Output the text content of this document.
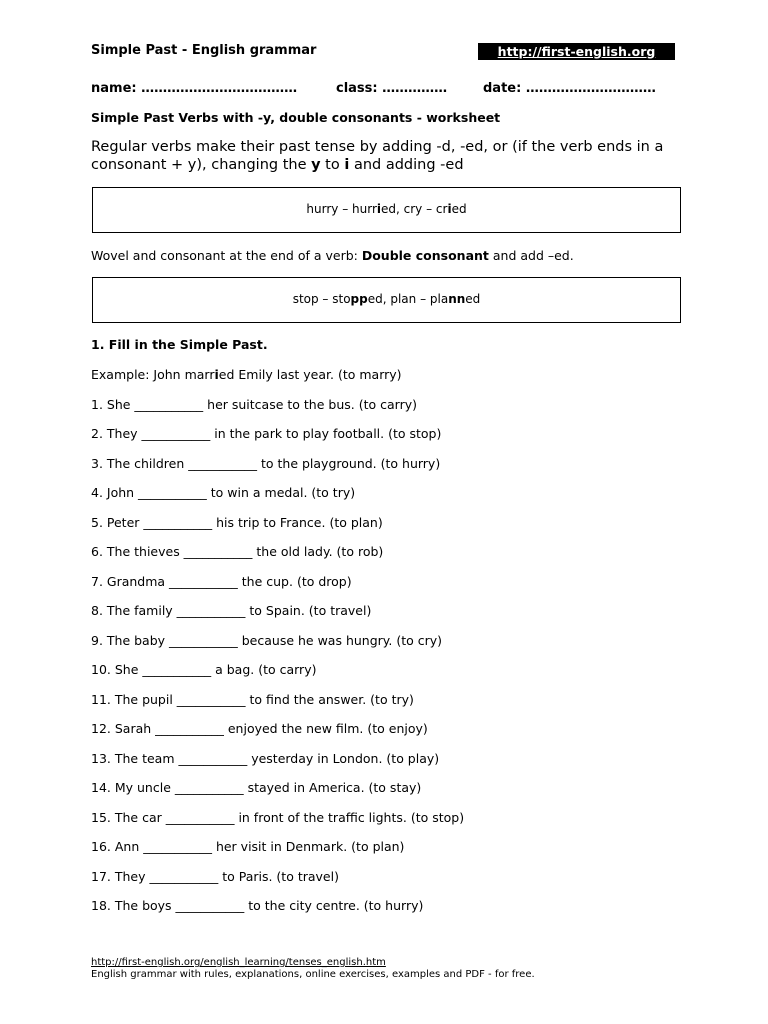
Simple Past - English grammar	http://first-english.org
name: ………………………………	class: ……………	date: …………………………
Simple Past Verbs with -y, double consonants - worksheet
Regular verbs make their past tense by adding -d, -ed, or (if the verb ends in a consonant + y), changing the y to i and adding -ed
hurry – hurried, cry – cried
Wovel and consonant at the end of a verb: Double consonant and add –ed.
stop – stopped, plan – planned
1. Fill in the Simple Past.
Example: John married Emily last year. (to marry)
1. She ___________ her suitcase to the bus. (to carry)
2. They ___________ in the park to play football. (to stop)
3. The children ___________ to the playground. (to hurry)
4. John ___________ to win a medal. (to try)
5. Peter ___________ his trip to France. (to plan)
6. The thieves ___________ the old lady. (to rob)
7. Grandma ___________ the cup. (to drop)
8. The family ___________ to Spain. (to travel)
9. The baby ___________ because he was hungry. (to cry)
10. She ___________ a bag. (to carry)
11. The pupil ___________ to find the answer. (to try)
12. Sarah ___________ enjoyed the new film. (to enjoy)
13. The team ___________ yesterday in London. (to play)
14. My uncle ___________ stayed in America. (to stay)
15. The car ___________ in front of the traffic lights. (to stop)
16. Ann ___________ her visit in Denmark. (to plan)
17. They ___________ to Paris. (to travel)
18. The boys ___________ to the city centre. (to hurry)
http://first-english.org/english_learning/tenses_english.htm
English grammar with rules, explanations, online exercises, examples and PDF - for free.
